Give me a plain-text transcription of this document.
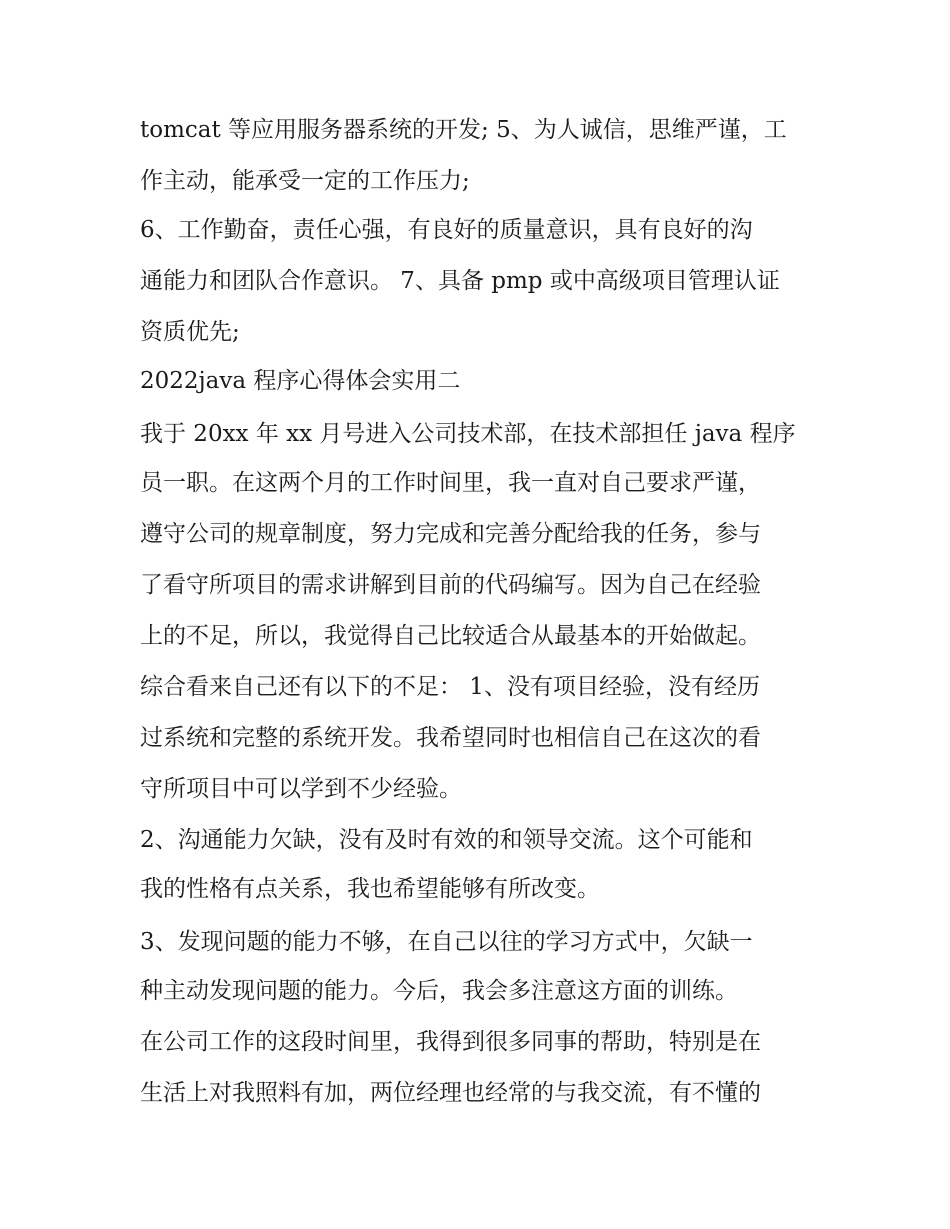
tomcat 等应用服务器系统的开发; 5、为人诚信，思维严谨，工
作主动，能承受一定的工作压力;
6、工作勤奋，责任心强，有良好的质量意识，具有良好的沟
通能力和团队合作意识。 7、具备 pmp 或中高级项目管理认证
资质优先;
2022java 程序心得体会实用二
我于 20xx 年 xx 月号进入公司技术部，在技术部担任 java 程序
员一职。在这两个月的工作时间里，我一直对自己要求严谨，
遵守公司的规章制度，努力完成和完善分配给我的任务，参与
了看守所项目的需求讲解到目前的代码编写。因为自己在经验
上的不足，所以，我觉得自己比较适合从最基本的开始做起。
综合看来自己还有以下的不足： 1、没有项目经验，没有经历
过系统和完整的系统开发。我希望同时也相信自己在这次的看
守所项目中可以学到不少经验。
2、沟通能力欠缺，没有及时有效的和领导交流。这个可能和
我的性格有点关系，我也希望能够有所改变。
3、发现问题的能力不够，在自己以往的学习方式中，欠缺一
种主动发现问题的能力。今后，我会多注意这方面的训练。
在公司工作的这段时间里，我得到很多同事的帮助，特别是在
生活上对我照料有加，两位经理也经常的与我交流，有不懂的
